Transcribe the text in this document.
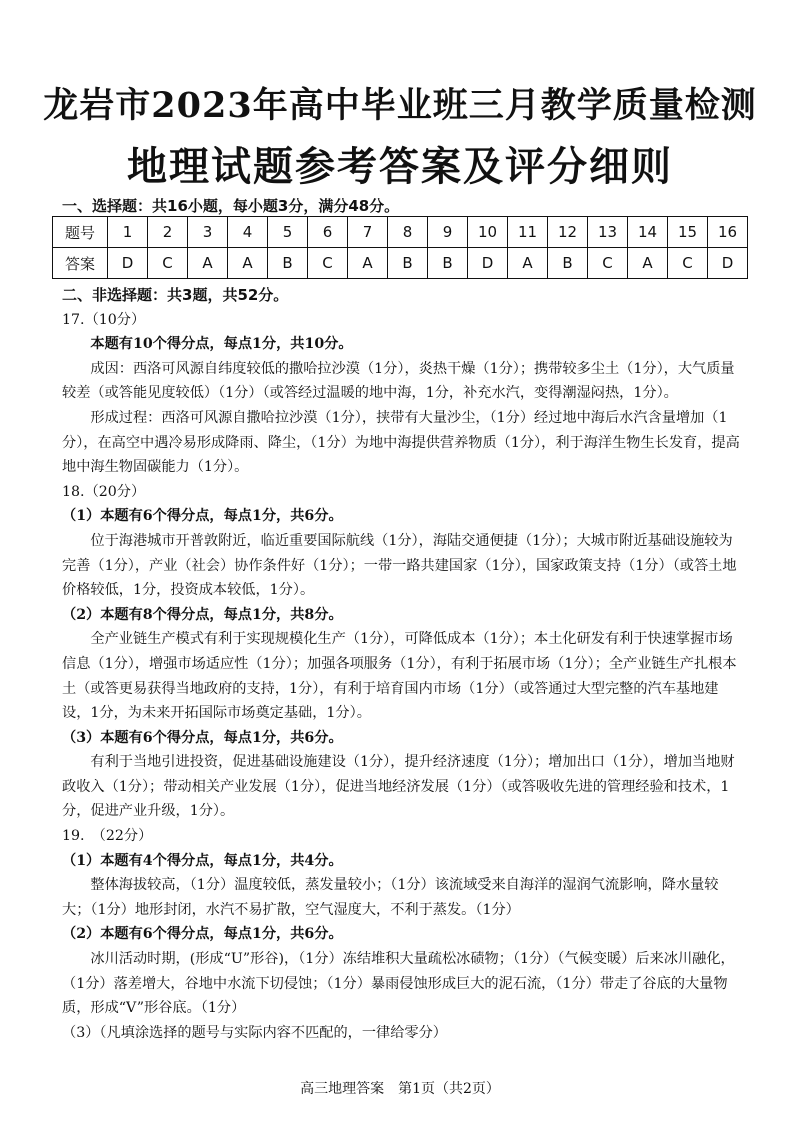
龙岩市2023年高中毕业班三月教学质量检测
地理试题参考答案及评分细则
一、选择题：共16小题，每小题3分，满分48分。
题号	1	2	3	4	5	6	7	8	9	10	11	12	13	14	15	16
答案	D	C	A	A	B	C	A	B	B	D	A	B	C	A	C	D

二、非选择题：共3题，共52分。

17.（10分）

本题有10个得分点，每点1分，共10分。

成因：西洛可风源自纬度较低的撒哈拉沙漠（1分），炎热干燥（1分）；携带较多尘土（1分），大气质量较差（或答能见度较低）（1分）（或答经过温暖的地中海，1分，补充水汽，变得潮湿闷热，1分）。

形成过程：西洛可风源自撒哈拉沙漠（1分），挟带有大量沙尘，（1分）经过地中海后水汽含量增加（1分），在高空中遇冷易形成降雨、降尘，（1分）为地中海提供营养物质（1分），利于海洋生物生长发育，提高地中海生物固碳能力（1分）。

18.（20分）

（1）本题有6个得分点，每点1分，共6分。

位于海港城市开普敦附近，临近重要国际航线（1分），海陆交通便捷（1分）；大城市附近基础设施较为完善（1分），产业（社会）协作条件好（1分）；一带一路共建国家（1分），国家政策支持（1分）（或答土地价格较低，1分，投资成本较低，1分）。

（2）本题有8个得分点，每点1分，共8分。

全产业链生产模式有利于实现规模化生产（1分），可降低成本（1分）；本土化研发有利于快速掌握市场信息（1分），增强市场适应性（1分）；加强各项服务（1分），有利于拓展市场（1分）；全产业链生产扎根本土（或答更易获得当地政府的支持，1分），有利于培育国内市场（1分）（或答通过大型完整的汽车基地建设，1分，为未来开拓国际市场奠定基础，1分）。

（3）本题有6个得分点，每点1分，共6分。

有利于当地引进投资，促进基础设施建设（1分），提升经济速度（1分）；增加出口（1分），增加当地财政收入（1分）；带动相关产业发展（1分），促进当地经济发展（1分）（或答吸收先进的管理经验和技术，1分，促进产业升级，1分）。

19.　（22分）

（1）本题有4个得分点，每点1分，共4分。

整体海拔较高，（1分）温度较低，蒸发量较小；（1分）该流域受来自海洋的湿润气流影响，降水量较大；（1分）地形封闭，水汽不易扩散，空气湿度大，不利于蒸发。（1分）

（2）本题有6个得分点，每点1分，共6分。

冰川活动时期，(形成“U”形谷)，（1分）冻结堆积大量疏松冰碛物；（1分）（气候变暖）后来冰川融化，（1分）落差增大，谷地中水流下切侵蚀；（1分）暴雨侵蚀形成巨大的泥石流，（1分）带走了谷底的大量物质，形成“V”形谷底。（1分）

（3）（凡填涂选择的题号与实际内容不匹配的，一律给零分）

高三地理答案　第1页（共2页）
